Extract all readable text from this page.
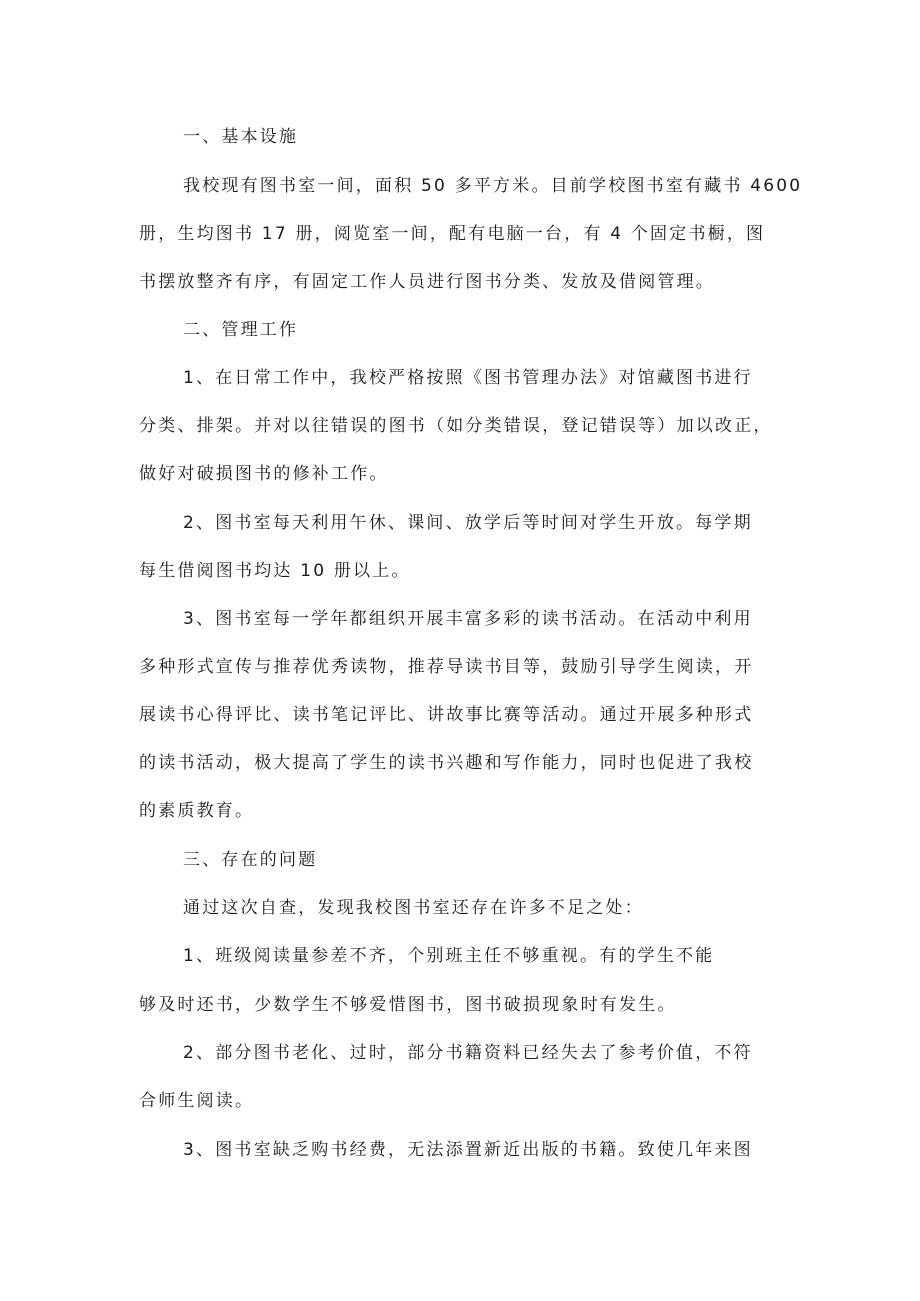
一、基本设施
我校现有图书室一间，面积 50 多平方米。目前学校图书室有藏书 4600
册，生均图书 17 册，阅览室一间，配有电脑一台，有 4 个固定书橱，图
书摆放整齐有序，有固定工作人员进行图书分类、发放及借阅管理。
二、管理工作
1、在日常工作中，我校严格按照《图书管理办法》对馆藏图书进行
分类、排架。并对以往错误的图书（如分类错误，登记错误等）加以改正，
做好对破损图书的修补工作。
2、图书室每天利用午休、课间、放学后等时间对学生开放。每学期
每生借阅图书均达 10 册以上。
3、图书室每一学年都组织开展丰富多彩的读书活动。在活动中利用
多种形式宣传与推荐优秀读物，推荐导读书目等，鼓励引导学生阅读，开
展读书心得评比、读书笔记评比、讲故事比赛等活动。通过开展多种形式
的读书活动，极大提高了学生的读书兴趣和写作能力，同时也促进了我校
的素质教育。
三、存在的问题
通过这次自查，发现我校图书室还存在许多不足之处：
1、班级阅读量参差不齐，个别班主任不够重视。有的学生不能
够及时还书，少数学生不够爱惜图书，图书破损现象时有发生。
2、部分图书老化、过时，部分书籍资料已经失去了参考价值，不符
合师生阅读。
3、图书室缺乏购书经费，无法添置新近出版的书籍。致使几年来图
